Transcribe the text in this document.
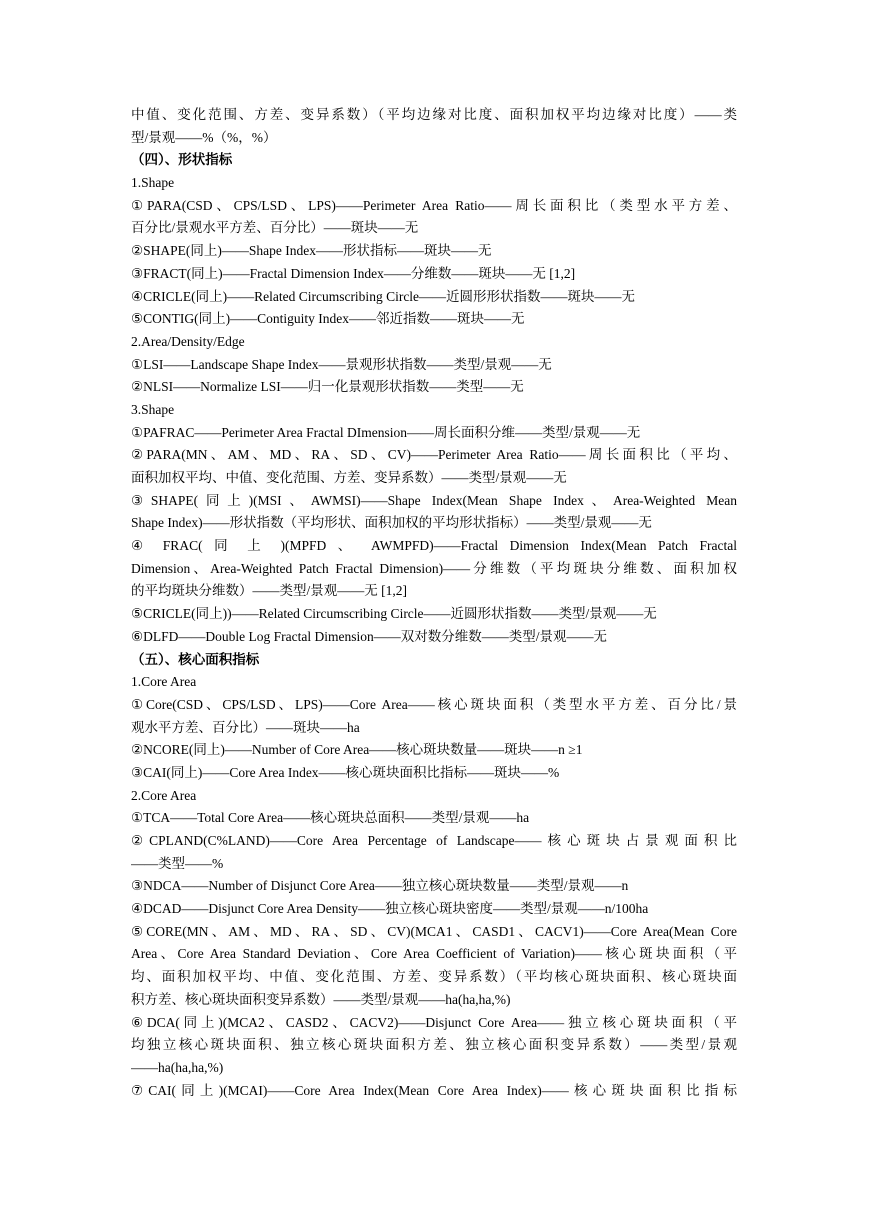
中值、变化范围、方差、变异系数）（平均边缘对比度、面积加权平均边缘对比度）——类
型/景观——%（%，%）
（四）、形状指标
1.Shape
①PARA(CSD、CPS/LSD、LPS)——Perimeter Area Ratio——周长面积比（类型水平方差、
百分比/景观水平方差、百分比）——斑块——无
②SHAPE(同上)——Shape Index——形状指标——斑块——无
③FRACT(同上)——Fractal Dimension Index——分维数——斑块——无 [1,2]
④CRICLE(同上)——Related Circumscribing Circle——近圆形形状指数——斑块——无
⑤CONTIG(同上)——Contiguity Index——邻近指数——斑块——无
2.Area/Density/Edge
①LSI——Landscape Shape Index——景观形状指数——类型/景观——无
②NLSI——Normalize LSI——归一化景观形状指数——类型——无
3.Shape
①PAFRAC——Perimeter Area Fractal DImension——周长面积分维——类型/景观——无
②PARA(MN、AM、MD、RA、SD、CV)——Perimeter Area Ratio——周长面积比（平均、
面积加权平均、中值、变化范围、方差、变异系数）——类型/景观——无
③SHAPE(同上)(MSI、AWMSI)——Shape Index(Mean Shape Index、Area-Weighted Mean
Shape Index)——形状指数（平均形状、面积加权的平均形状指标）——类型/景观——无
④ FRAC( 同 上 )(MPFD 、 AWMPFD)——Fractal Dimension Index(Mean Patch Fractal
Dimension、Area-Weighted Patch Fractal Dimension)——分维数（平均斑块分维数、面积加权
的平均斑块分维数）——类型/景观——无 [1,2]
⑤CRICLE(同上))——Related Circumscribing Circle——近圆形状指数——类型/景观——无
⑥DLFD——Double Log Fractal Dimension——双对数分维数——类型/景观——无
（五）、核心面积指标
1.Core Area
①Core(CSD、CPS/LSD、LPS)——Core Area——核心斑块面积（类型水平方差、百分比/景
观水平方差、百分比）——斑块——ha
②NCORE(同上)——Number of Core Area——核心斑块数量——斑块——n ≥1
③CAI(同上)——Core Area Index——核心斑块面积比指标——斑块——%
2.Core Area
①TCA——Total Core Area——核心斑块总面积——类型/景观——ha
②CPLAND(C%LAND)——Core Area Percentage of Landscape——核心斑块占景观面积比
——类型——%
③NDCA——Number of Disjunct Core Area——独立核心斑块数量——类型/景观——n
④DCAD——Disjunct Core Area Density——独立核心斑块密度——类型/景观——n/100ha
⑤CORE(MN、AM、MD、RA、SD、CV)(MCA1、CASD1、CACV1)——Core Area(Mean Core
Area、Core Area Standard Deviation、Core Area Coefficient of Variation)——核心斑块面积（平
均、面积加权平均、中值、变化范围、方差、变异系数）（平均核心斑块面积、核心斑块面
积方差、核心斑块面积变异系数）——类型/景观——ha(ha,ha,%)
⑥DCA(同上)(MCA2、CASD2、CACV2)——Disjunct Core Area——独立核心斑块面积（平
均独立核心斑块面积、独立核心斑块面积方差、独立核心面积变异系数）——类型/景观
——ha(ha,ha,%)
⑦CAI(同上)(MCAI)——Core Area Index(Mean Core Area Index)——核心斑块面积比指标
